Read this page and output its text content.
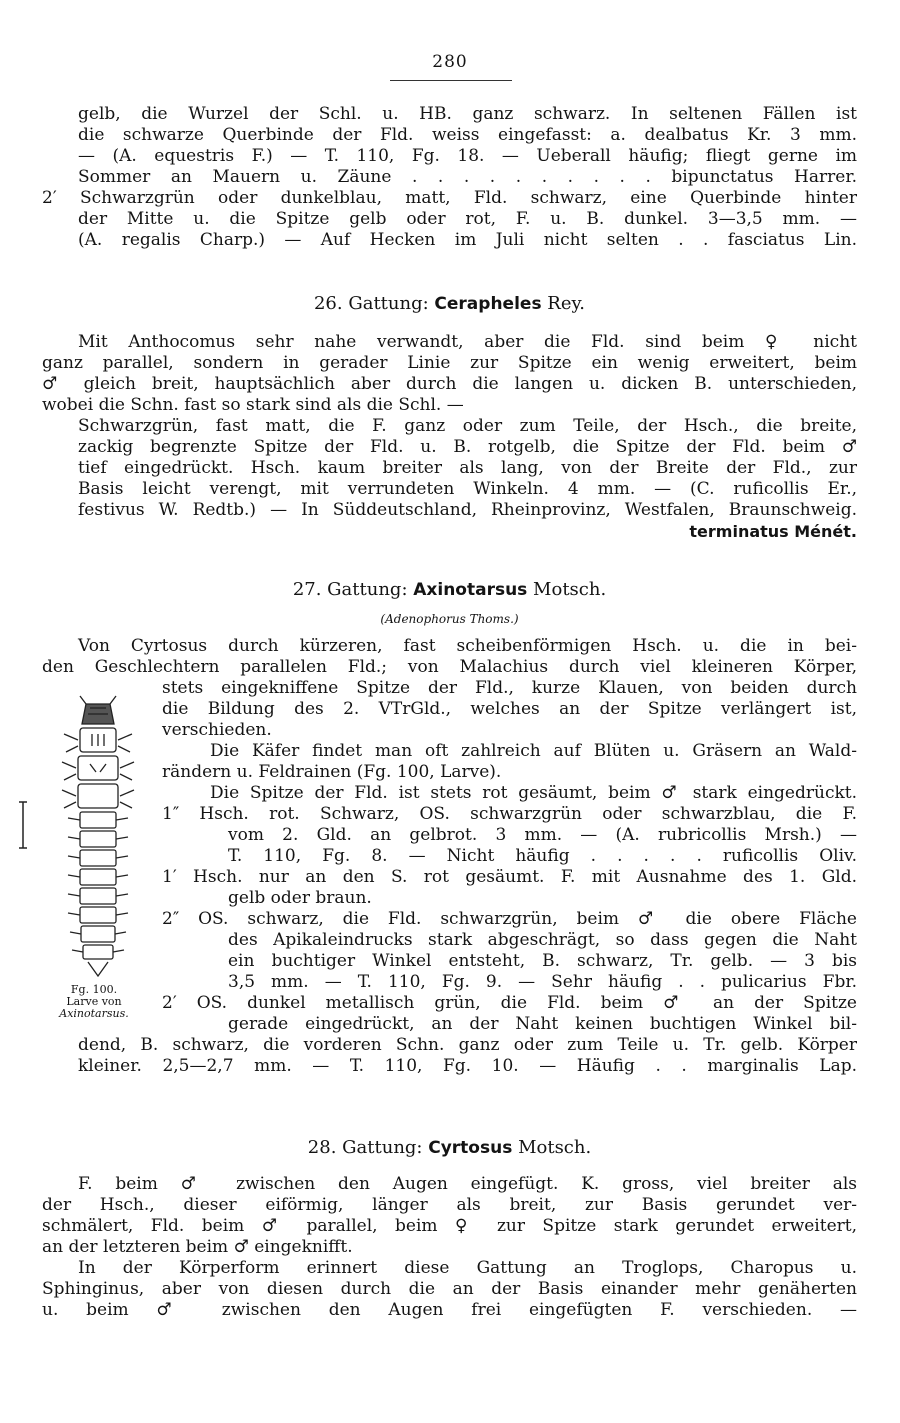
280
gelb, die Wurzel der Schl. u. HB. ganz schwarz. In seltenen Fällen ist
die schwarze Querbinde der Fld. weiss eingefasst: a. dealbatus Kr. 3 mm.
— (A. equestris F.) — T. 110, Fg. 18. — Ueberall häufig; fliegt gerne im
Sommer an Mauern u. Zäune . . . . . . . . . . bipunctatus Harrer.
2′ Schwarzgrün oder dunkelblau, matt, Fld. schwarz, eine Querbinde hinter
der Mitte u. die Spitze gelb oder rot, F. u. B. dunkel. 3—3,5 mm. —
(A. regalis Charp.) — Auf Hecken im Juli nicht selten . . fasciatus Lin.
26. Gattung: Cerapheles Rey.
Mit Anthocomus sehr nahe verwandt, aber die Fld. sind beim ♀ nicht
ganz parallel, sondern in gerader Linie zur Spitze ein wenig erweitert, beim
♂ gleich breit, hauptsächlich aber durch die langen u. dicken B. unterschieden,
wobei die Schn. fast so stark sind als die Schl. —
Schwarzgrün, fast matt, die F. ganz oder zum Teile, der Hsch., die breite,
zackig begrenzte Spitze der Fld. u. B. rotgelb, die Spitze der Fld. beim ♂
tief eingedrückt. Hsch. kaum breiter als lang, von der Breite der Fld., zur
Basis leicht verengt, mit verrundeten Winkeln. 4 mm. — (C. ruficollis Er.,
festivus W. Redtb.) — In Süddeutschland, Rheinprovinz, Westfalen, Braunschweig.
terminatus Ménét.
27. Gattung: Axinotarsus Motsch.
(Adenophorus Thoms.)
Von Cyrtosus durch kürzeren, fast scheibenförmigen Hsch. u. die in bei-
den Geschlechtern parallelen Fld.; von Malachius durch viel kleineren Körper,
stets eingekniffene Spitze der Fld., kurze Klauen, von beiden durch
die Bildung des 2. VTrGld., welches an der Spitze verlängert ist,
verschieden.
Die Käfer findet man oft zahlreich auf Blüten u. Gräsern an Wald-
rändern u. Feldrainen (Fg. 100, Larve).
Die Spitze der Fld. ist stets rot gesäumt, beim ♂ stark eingedrückt.
1″ Hsch. rot. Schwarz, OS. schwarzgrün oder schwarzblau, die F.
vom 2. Gld. an gelbrot. 3 mm. — (A. rubricollis Mrsh.) —
T. 110, Fg. 8. — Nicht häufig . . . . . ruficollis Oliv.
1′ Hsch. nur an den S. rot gesäumt. F. mit Ausnahme des 1. Gld.
gelb oder braun.
2″ OS. schwarz, die Fld. schwarzgrün, beim ♂ die obere Fläche
des Apikaleindrucks stark abgeschrägt, so dass gegen die Naht
ein buchtiger Winkel entsteht, B. schwarz, Tr. gelb. — 3 bis
3,5 mm. — T. 110, Fg. 9. — Sehr häufig . . pulicarius Fbr.
2′ OS. dunkel metallisch grün, die Fld. beim ♂ an der Spitze
gerade eingedrückt, an der Naht keinen buchtigen Winkel bil-
dend, B. schwarz, die vorderen Schn. ganz oder zum Teile u. Tr. gelb. Körper
kleiner. 2,5—2,7 mm. — T. 110, Fg. 10. — Häufig . . marginalis Lap.
Fg. 100.
Larve von
Axinotarsus.
28. Gattung: Cyrtosus Motsch.
F. beim ♂ zwischen den Augen eingefügt. K. gross, viel breiter als
der Hsch., dieser eiförmig, länger als breit, zur Basis gerundet ver-
schmälert, Fld. beim ♂ parallel, beim ♀ zur Spitze stark gerundet erweitert,
an der letzteren beim ♂ eingekniﬀt.
In der Körperform erinnert diese Gattung an Troglops, Charopus u.
Sphinginus, aber von diesen durch die an der Basis einander mehr genäherten
u. beim ♂ zwischen den Augen frei eingefügten F. verschieden. —
